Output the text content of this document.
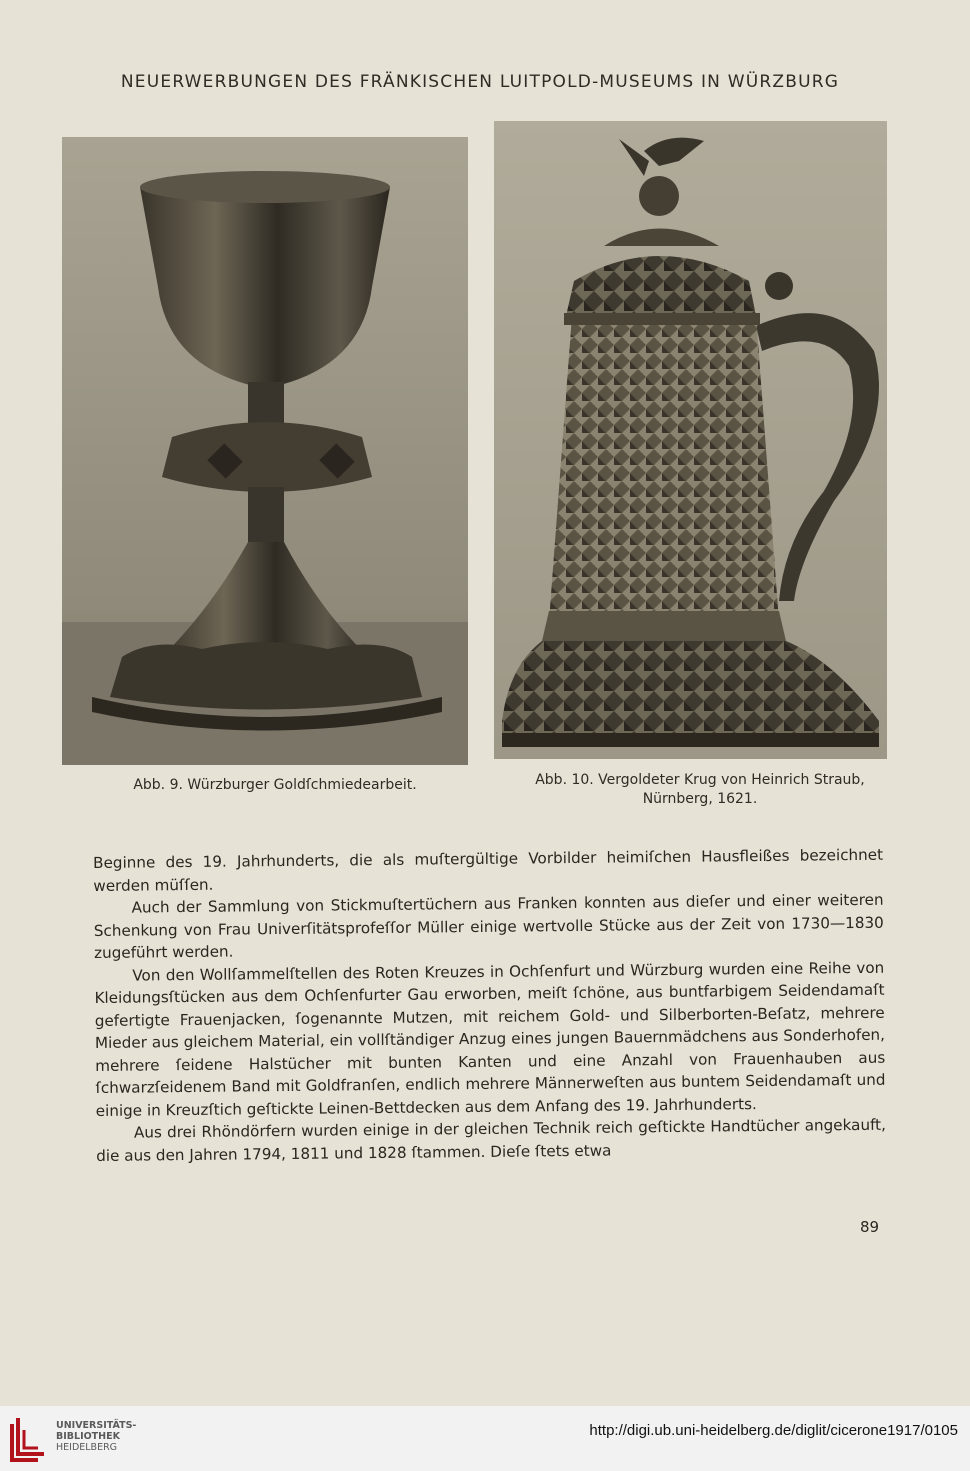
NEUERWERBUNGEN DES FRÄNKISCHEN LUITPOLD-MUSEUMS IN WÜRZBURG
Abb. 9. Würzburger Goldſchmiedearbeit.	Abb. 10. Vergoldeter Krug von Heinrich Straub,
Nürnberg, 1621.

Beginne des 19. Jahrhunderts, die als muſtergültige Vorbilder heimiſchen Hausfleißes bezeichnet werden müſſen.

Auch der Sammlung von Stickmuſtertüchern aus Franken konnten aus dieſer und einer weiteren Schenkung von Frau Univerſitätsprofeſſor Müller einige wertvolle Stücke aus der Zeit von 1730—1830 zugeführt werden.

Von den Wollſammelſtellen des Roten Kreuzes in Ochſenfurt und Würzburg wurden eine Reihe von Kleidungsſtücken aus dem Ochſenfurter Gau erworben, meiſt ſchöne, aus buntfarbigem Seidendamaſt gefertigte Frauenjacken, ſogenannte Mutzen, mit reichem Gold- und Silberborten-Beſatz, mehrere Mieder aus gleichem Material, ein vollſtändiger Anzug eines jungen Bauernmädchens aus Sonderhofen, mehrere ſeidene Halstücher mit bunten Kanten und eine Anzahl von Frauenhauben aus ſchwarzſeidenem Band mit Goldfranſen, endlich mehrere Männerweſten aus buntem Seidendamaſt und einige in Kreuzſtich geſtickte Leinen-Bettdecken aus dem Anfang des 19. Jahrhunderts.

Aus drei Rhöndörfern wurden einige in der gleichen Technik reich geſtickte Handtücher angekauft, die aus den Jahren 1794, 1811 und 1828 ſtammen. Dieſe ſtets etwa

89
UNIVERSITÄTS-
BIBLIOTHEK
HEIDELBERG
http://digi.ub.uni-heidelberg.de/diglit/cicerone1917/0105
